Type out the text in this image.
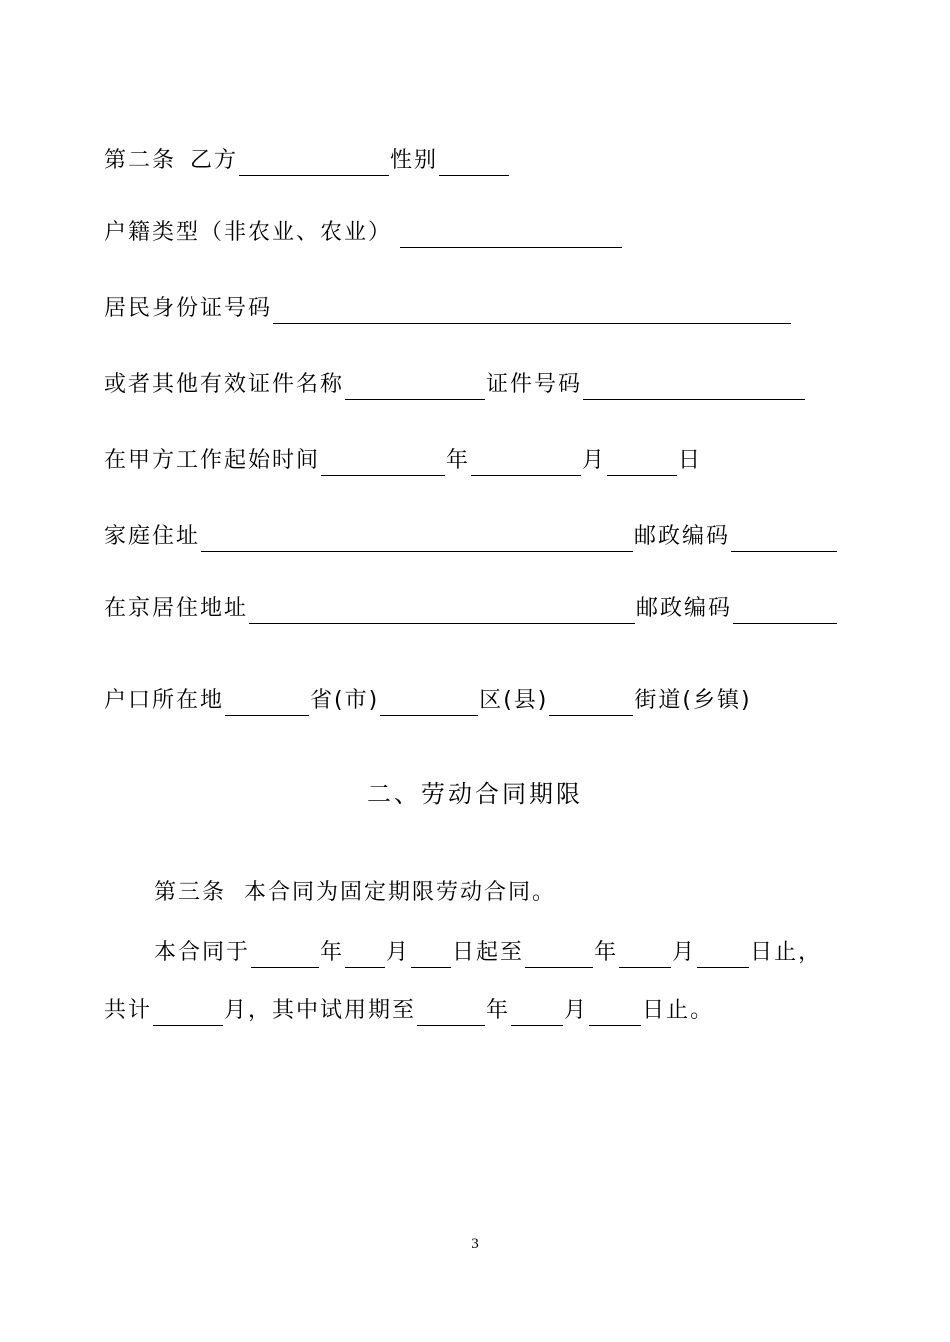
第二条 乙方	性别
户籍类型（非农业、农业）
居民身份证号码
或者其他有效证件名称	证件号码
在甲方工作起始时间	年	月	日
家庭住址	邮政编码
在京居住地址	邮政编码
户口所在地	省(市)	区(县)	街道(乡镇)
二、劳动合同期限
第三条  本合同为固定期限劳动合同。
本合同于	年 月 日起至	年 月 日止，
共计	月，其中试用期至	年 月 日止。
3
